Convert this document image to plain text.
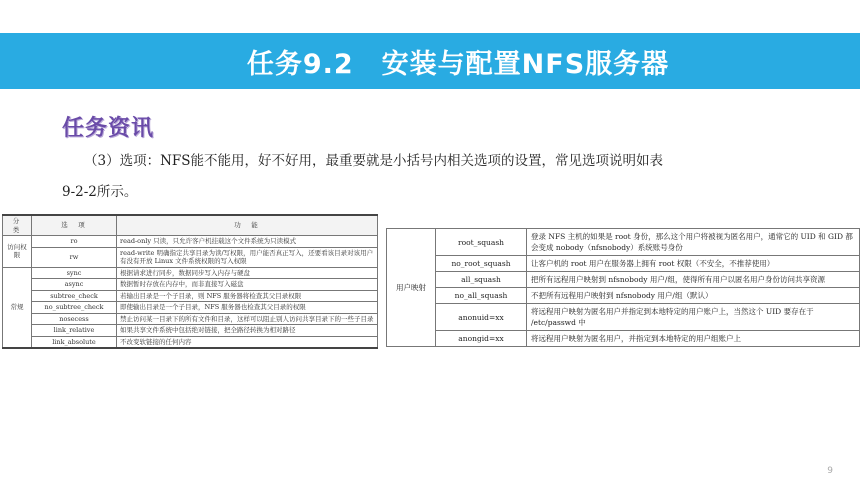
任务9.2　安装与配置NFS服务器
任务资讯
（3）选项：NFS能不能用，好不好用，最重要就是小括号内相关选项的设置，常见选项说明如表
9-2-2所示。
分　类	选　项	功　能
访问权限	ro	read-only 只读，只允许客户机挂载这个文件系统为只读模式
	rw	read-write 明确指定共享目录为读/写权限，用户能否真正写入，还要看该目录对该用户有没有开放 Linux 文件系统权限的写入权限
常规	sync	根据请求进行同步，数据同步写入内存与硬盘
	async	数据暂时存放在内存中，而非直接写入磁盘
	subtree_check	若输出目录是一个子目录，则 NFS 服务器将检查其父目录权限
	no_subtree_check	即使输出目录是一个子目录，NFS 服务器也检查其父目录的权限
	nosecess	禁止访问某一目录下的所有文件和目录，这样可以阻止别人访问共享目录下的一些子目录
	link_relative	如果共享文件系统中包括绝对链接，把全路径转换为相对路径
	link_absolute	不改变软链接的任何内容
用户映射	root_squash	登录 NFS 主机的如果是 root 身份，那么这个用户将被视为匿名用户，通常它的 UID 和 GID 都会变成 nobody（nfsnobody）系统账号身份
	no_root_squash	让客户机的 root 用户在服务器上拥有 root 权限（不安全，不推荐使用）
	all_squash	把所有远程用户映射到 nfsnobody 用户/组，使得所有用户以匿名用户身份访问共享资源
	no_all_squash	不把所有远程用户映射到 nfsnobody 用户/组（默认）
	anonuid=xx	将远程用户映射为匿名用户并指定到本地特定的用户账户上，当然这个 UID 要存在于 /etc/passwd 中
	anongid=xx	将远程用户映射为匿名用户，并指定到本地特定的用户组账户上
9
